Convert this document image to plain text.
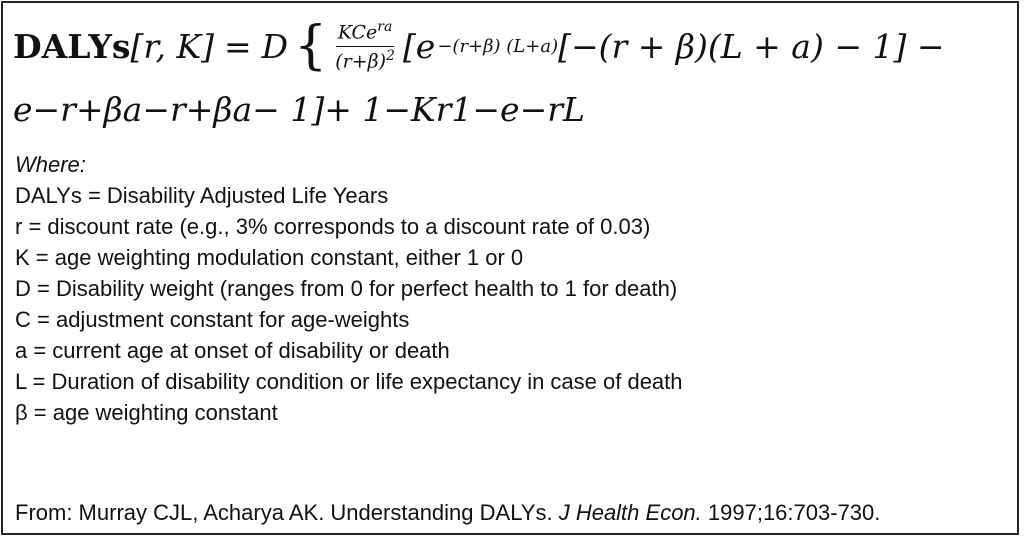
DALYs [r, K] = D { $\frac{KCe^{ra}}{(r+\beta)^2} [e -(r+\beta)$ (L+a) [−(r + β)(L + a) − 1] −
e−r+βa−r+βa− 1]+ 1−Kr1−e−rL
Where:
DALYs = Disability Adjusted Life Years
r = discount rate (e.g., 3% corresponds to a discount rate of 0.03)
K = age weighting modulation constant, either 1 or 0
D = Disability weight (ranges from 0 for perfect health to 1 for death)
C = adjustment constant for age-weights
a = current age at onset of disability or death
L = Duration of disability condition or life expectancy in case of death
β = age weighting constant
From: Murray CJL, Acharya AK. Understanding DALYs. J Health Econ. 1997;16:703-730.
